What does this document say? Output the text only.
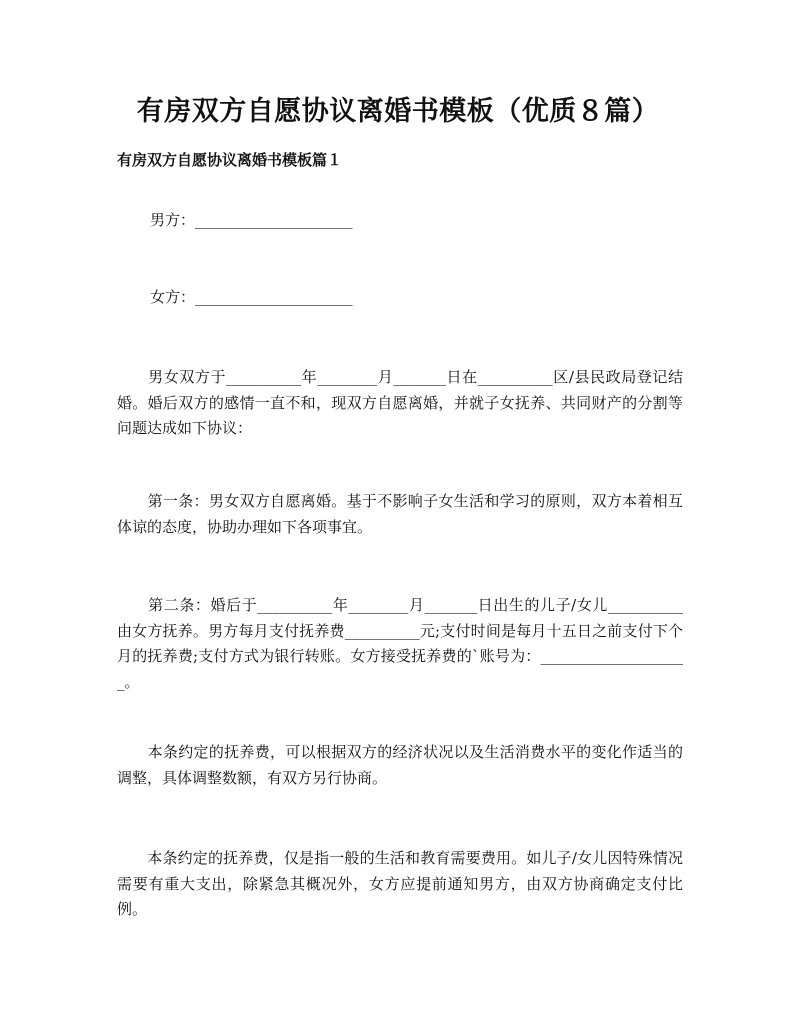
有房双方自愿协议离婚书模板（优质８篇）
有房双方自愿协议离婚书模板篇１

男方：_____________________

女方：_____________________

　　男女双方于__________年________月_______日在__________区/县民政局登记结婚。婚后双方的感情一直不和，现双方自愿离婚，并就子女抚养、共同财产的分割等问题达成如下协议：

　　第一条：男女双方自愿离婚。基于不影响子女生活和学习的原则，双方本着相互体谅的态度，协助办理如下各项事宜。

　　第二条：婚后于__________年________月_______日出生的儿子/女儿__________由女方抚养。男方每月支付抚养费__________元;支付时间是每月十五日之前支付下个月的抚养费;支付方式为银行转账。女方接受抚养费的`账号为：____________________。

　　本条约定的抚养费，可以根据双方的经济状况以及生活消费水平的变化作适当的调整，具体调整数额，有双方另行协商。

　　本条约定的抚养费，仅是指一般的生活和教育需要费用。如儿子/女儿因特殊情况需要有重大支出，除紧急其概况外，女方应提前通知男方，由双方协商确定支付比例。
